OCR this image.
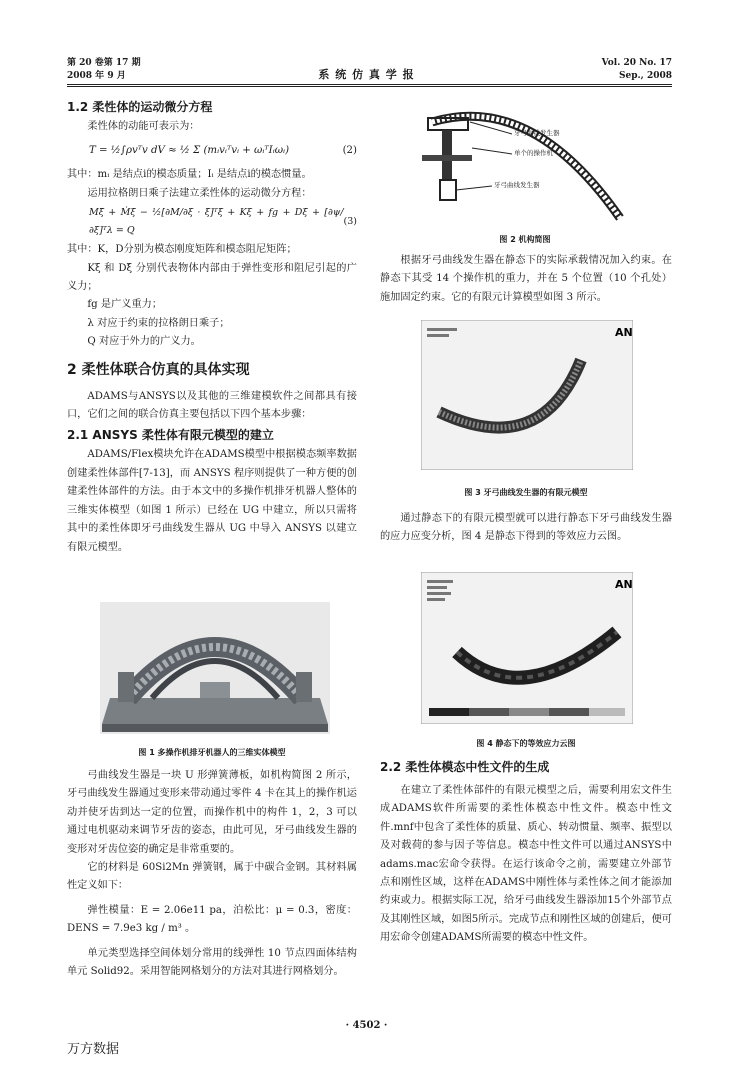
第 20 卷第 17 期
2008 年 9 月	系 统 仿 真 学 报
Vol. 20 No. 17
Sep., 2008
1.2 柔性体的运动微分方程

柔性体的动能可表示为：

T = ½∫ρvᵀv dV ≈ ½ Σ (mᵢvᵢᵀvᵢ + ωᵢᵀIᵢωᵢ)	(2)

其中：mᵢ 是结点i的模态质量；Iᵢ 是结点i的模态惯量。

运用拉格朗日乘子法建立柔性体的运动微分方程：

Mξ̈ + Ṁξ̇ − ½[∂M/∂ξ · ξ̇]ᵀξ̇ + Kξ + fg + Dξ̇ + [∂ψ/∂ξ]ᵀλ = Q
(3)

其中：K，D分别为模态刚度矩阵和模态阻尼矩阵；

Kξ 和 Dξ̇ 分别代表物体内部由于弹性变形和阻尼引起的广义力；

fg 是广义重力；

λ 对应于约束的拉格朗日乘子；

Q 对应于外力的广义力。

2 柔性体联合仿真的具体实现

ADAMS与ANSYS以及其他的三维建模软件之间都具有接口，它们之间的联合仿真主要包括以下四个基本步骤：

2.1 ANSYS 柔性体有限元模型的建立

ADAMS/Flex模块允许在ADAMS模型中根据模态频率数据创建柔性体部件[7-13]，而 ANSYS 程序则提供了一种方便的创建柔性体部件的方法。由于本文中的多操作机排牙机器人整体的三维实体模型（如图 1 所示）已经在 UG 中建立，所以只需将其中的柔性体即牙弓曲线发生器从 UG 中导入 ANSYS 以建立有限元模型。

图 1 多操作机排牙机器人的三维实体模型

弓曲线发生器是一块 U 形弹簧薄板，如机构简图 2 所示，牙弓曲线发生器通过变形来带动通过零件 4 卡在其上的操作机运动并使牙齿到达一定的位置，而操作机中的构件 1，2，3 可以通过电机驱动来调节牙齿的姿态，由此可见，牙弓曲线发生器的变形对牙齿位姿的确定是非常重要的。

它的材料是 60Si2Mn 弹簧钢，属于中碳合金钢。其材料属性定义如下：

弹性模量：E = 2.06e11 pa，泊松比：μ = 0.3，密度：DENS = 7.9e3 kg / m³ 。

单元类型选择空间体划分常用的线弹性 10 节点四面体结构单元 Solid92。采用智能网格划分的方法对其进行网格划分。

牙弓曲线发生器
单个的操作机
牙弓曲线发生器
图 2 机构简图

根据牙弓曲线发生器在静态下的实际承载情况加入约束。在静态下其受 14 个操作机的重力，并在 5 个位置（10 个孔处）施加固定约束。它的有限元计算模型如图 3 所示。

AN
图 3 牙弓曲线发生器的有限元模型

通过静态下的有限元模型就可以进行静态下牙弓曲线发生器的应力应变分析，图 4 是静态下得到的等效应力云图。

AN
图 4 静态下的等效应力云图
2.2 柔性体模态中性文件的生成

在建立了柔性体部件的有限元模型之后，需要利用宏文件生成ADAMS软件所需要的柔性体模态中性文件。模态中性文件.mnf中包含了柔性体的质量、质心、转动惯量、频率、振型以及对载荷的参与因子等信息。模态中性文件可以通过ANSYS中adams.mac宏命令获得。在运行该命令之前，需要建立外部节点和刚性区域，这样在ADAMS中刚性体与柔性体之间才能添加约束或力。根据实际工况，给牙弓曲线发生器添加15个外部节点及其刚性区域，如图5所示。完成节点和刚性区域的创建后，便可用宏命令创建ADAMS所需要的模态中性文件。

· 4502 ·
万方数据
